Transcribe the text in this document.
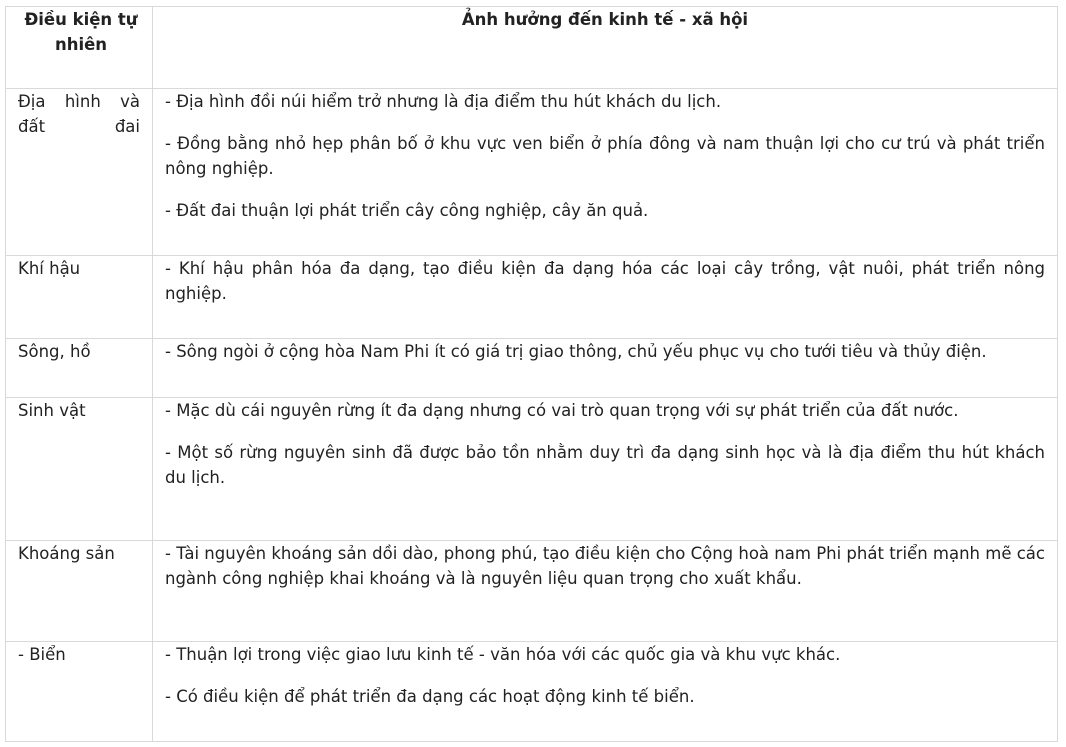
Điều kiện tự nhiên	Ảnh hưởng đến kinh tế - xã hội
Địa hình và đất đai	- Địa hình đồi núi hiểm trở nhưng là địa điểm thu hút khách du lịch.

- Đồng bằng nhỏ hẹp phân bố ở khu vực ven biển ở phía đông và nam thuận lợi cho cư trú và phát triển nông nghiệp.

- Đất đai thuận lợi phát triển cây công nghiệp, cây ăn quả.

Khí hậu	- Khí hậu phân hóa đa dạng, tạo điều kiện đa dạng hóa các loại cây trồng, vật nuôi, phát triển nông nghiệp.

Sông, hồ	- Sông ngòi ở cộng hòa Nam Phi ít có giá trị giao thông, chủ yếu phục vụ cho tưới tiêu và thủy điện.

Sinh vật	- Mặc dù cái nguyên rừng ít đa dạng nhưng có vai trò quan trọng với sự phát triển của đất nước.

- Một số rừng nguyên sinh đã được bảo tồn nhằm duy trì đa dạng sinh học và là địa điểm thu hút khách du lịch.

Khoáng sản	- Tài nguyên khoáng sản dồi dào, phong phú, tạo điều kiện cho Cộng hoà nam Phi phát triển mạnh mẽ các ngành công nghiệp khai khoáng và là nguyên liệu quan trọng cho xuất khẩu.

- Biển	- Thuận lợi trong việc giao lưu kinh tế - văn hóa với các quốc gia và khu vực khác.

- Có điều kiện để phát triển đa dạng các hoạt động kinh tế biển.
